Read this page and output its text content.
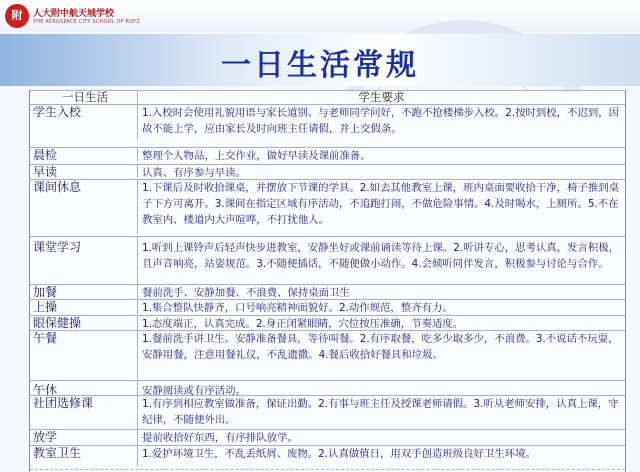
附	人大附中航天城学校
THE AEROSPACE CITY SCHOOL OF RDFZ
一日生活常规
一日生活	学生要求
学生入校	1.入校时会使用礼貌用语与家长道别、与老师同学问好，不跑不抢楼梯步入校。2.按时到校，不迟到，因故不能上学，应由家长及时向班主任请假，并上交假条。
晨检	整理个人物品，上交作业，做好早读及课前准备。
早读	认真、有序参与早读。
课间休息	1.下课后及时收拾课桌，并摆放下节课的学具。2.如去其他教室上课，班内桌面要收拾干净，椅子推到桌子下方可离开。3.课间在指定区域有序活动，不追跑打闹，不做危险事情。4.及时喝水，上厕所。5.不在教室内、楼道内大声喧哗，不打扰他人。
课堂学习	1.听到上课铃声后轻声快步进教室，安静坐好或课前诵读等待上课。2.听讲专心，思考认真，发言积极，且声音响亮，站姿规范。3.不随便插话，不随便做小动作。4.会倾听同伴发言，积极参与讨论与合作。
加餐	餐前洗手、安静加餐、不浪费、保持桌面卫生
上操	1.集合整队快静齐，口号响亮精神面貌好。2.动作规范，整齐有力。
眼保健操	1.态度端正，认真完成。2.身正闭紧眼睛，穴位按压准确，节奏适度。
午餐	1.餐前洗手讲卫生。安静准备餐具，等待叫餐。2.有序取餐，吃多少取多少，不浪费。3.不说话不玩耍，安静用餐，注意用餐礼仪，不乱遗撒。4.餐后收拾好餐具和垃圾。
午休	安静阅读或有序活动。
社团选修课	1.有序到相应教室做准备，保证出勤。2.有事与班主任及授课老师请假。3.听从老师安排，认真上课，守纪律，不随便外出。
放学	提前收拾好东西，有序排队放学。
教室卫生	1.爱护环境卫生，不乱丢纸屑、废物。2.认真做值日，用双手创造班级良好卫生环境。
